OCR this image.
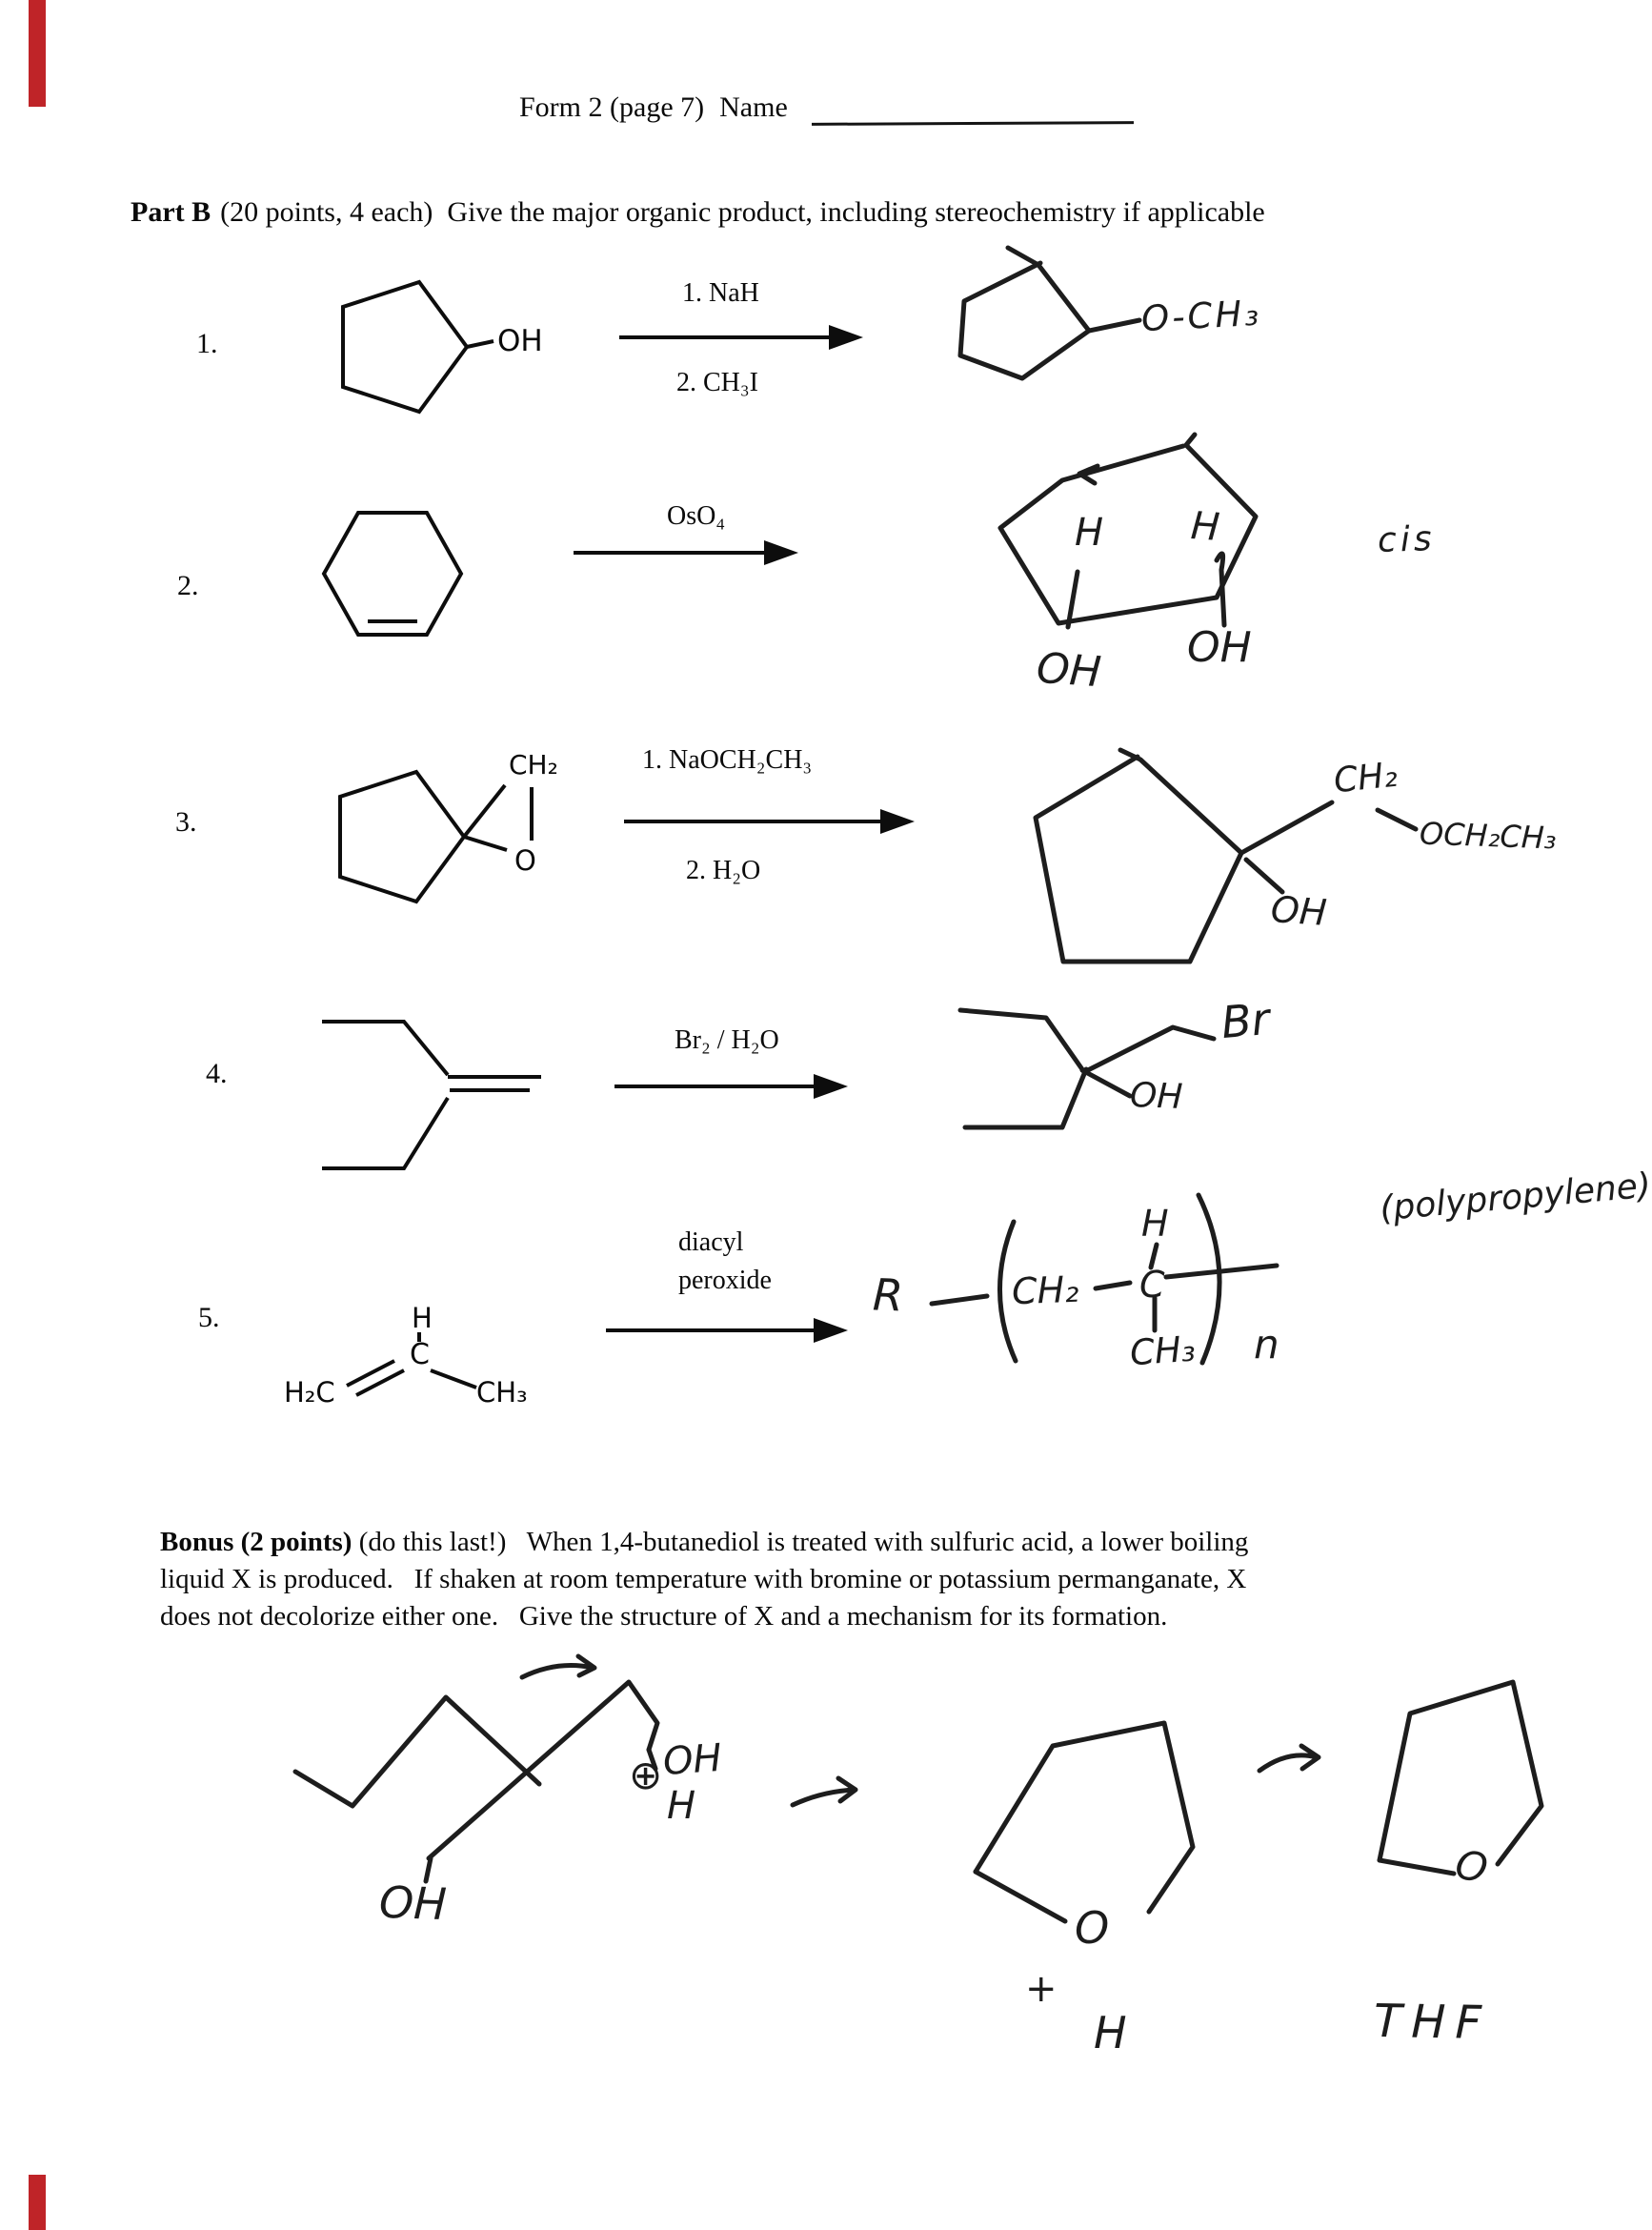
Form 2 (page 7) Name
Part B (20 points, 4 each)  Give the major organic product, including stereochemistry if applicable
1.
2.
3.
4.
5.
OH
1. NaH
2. CH₃I
O-CH₃
OsO₄	H H
OH OH
cis
CH₂
O
1. NaOCH₂CH₃
2. H₂O
CH₂
OCH₂CH₃
OH
Br₂ / H₂O	Br
OH
H
C
H₂C	CH₃
diacyl
peroxide R	CH₂
H
C
CH₃ n
(polypropylene)
Bonus (2 points) (do this last!)   When 1,4-butanediol is treated with sulfuric acid, a lower boiling
liquid X is produced.   If shaken at room temperature with bromine or potassium permanganate, X
does not decolorize either one.   Give the structure of X and a mechanism for its formation.
OH
⊕ OH
H
O
+
H
O
THF
